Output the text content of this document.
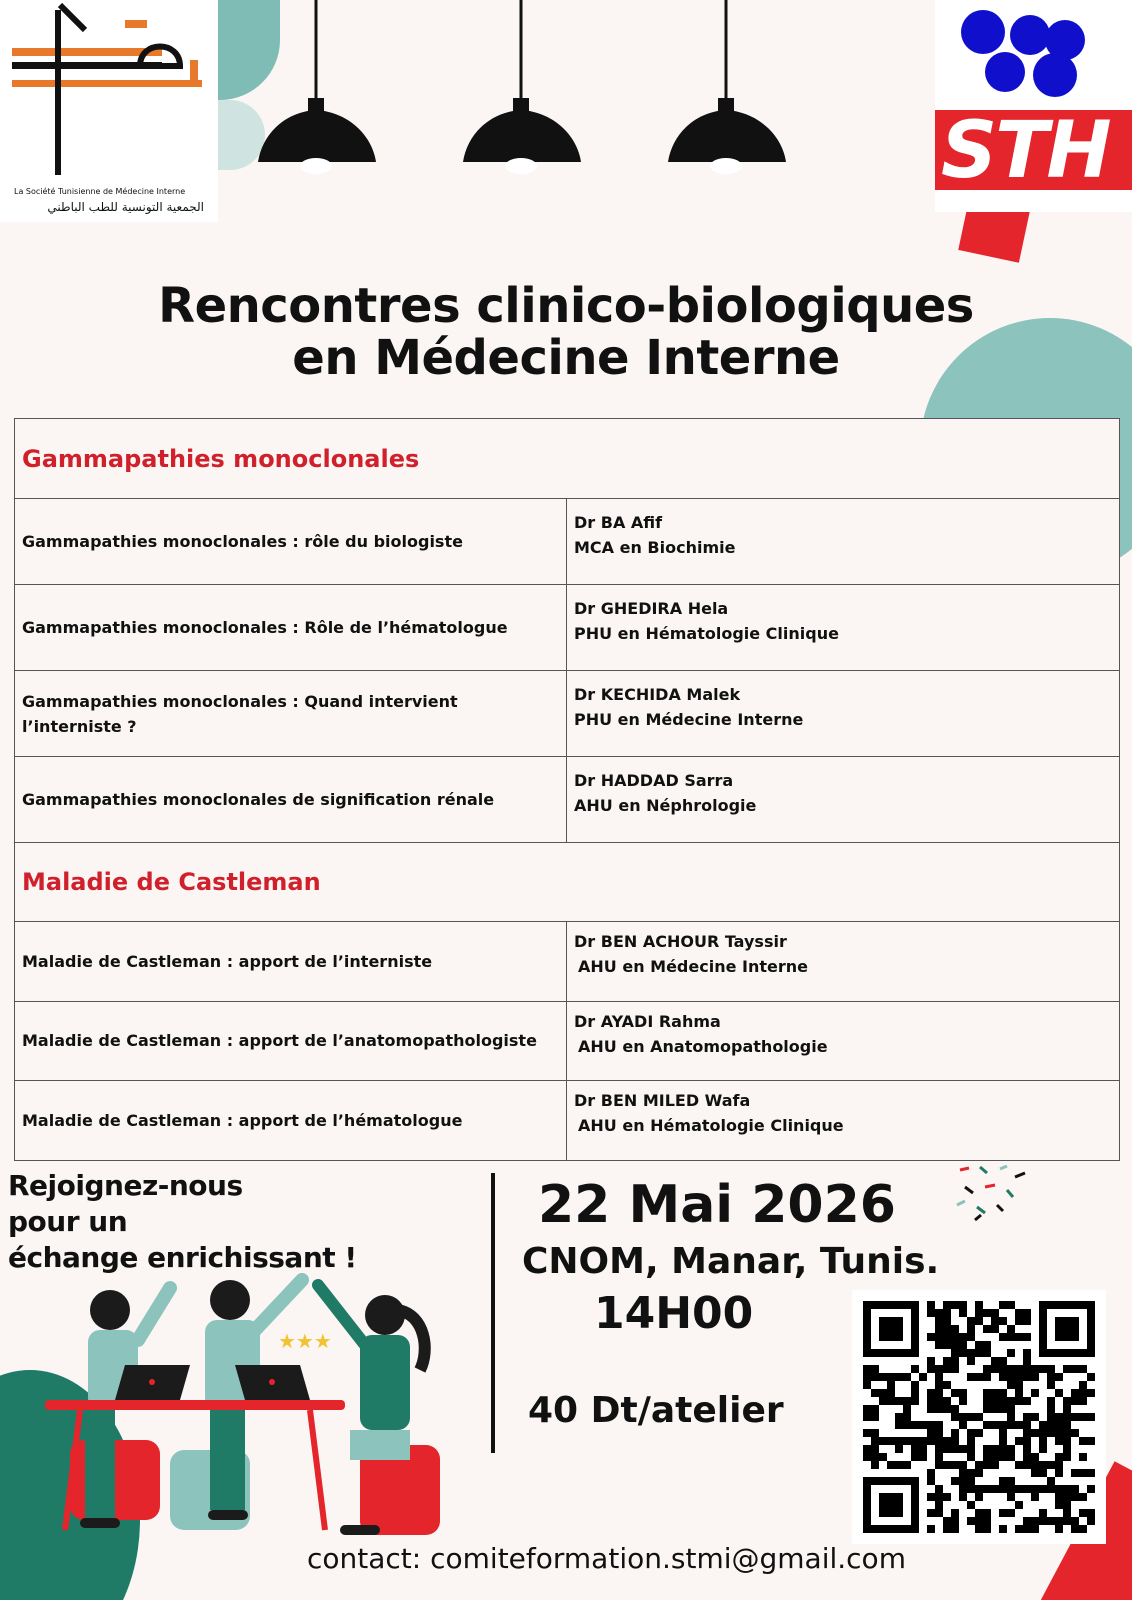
La Société Tunisienne de Médecine Interne
الجمعية التونسية للطب الباطني
STH
Rencontres clinico-biologiques
en Médecine Interne
Gammapathies monoclonales	
Gammapathies monoclonales : rôle du biologiste	Dr BA Afif
MCA en Biochimie

Gammapathies monoclonales : Rôle de l’hématologue	Dr GHEDIRA Hela
PHU en Hématologie Clinique

Gammapathies monoclonales : Quand intervient l’interniste ?	Dr KECHIDA Malek
PHU en Médecine Interne

Gammapathies monoclonales de signification rénale	Dr HADDAD Sarra
AHU en Néphrologie

Maladie de Castleman	
Maladie de Castleman : apport de l’interniste	Dr BEN ACHOUR Tayssir
AHU en Médecine Interne

Maladie de Castleman : apport de l’anatomopathologiste	Dr AYADI Rahma
AHU en Anatomopathologie

Maladie de Castleman : apport de l’hématologue	Dr BEN MILED Wafa
AHU en Hématologie Clinique
Rejoignez-nous
pour un
échange enrichissant !
22 Mai 2026
CNOM, Manar, Tunis.
14H00
40 Dt/atelier
★★★
contact: comiteformation.stmi@gmail.com
